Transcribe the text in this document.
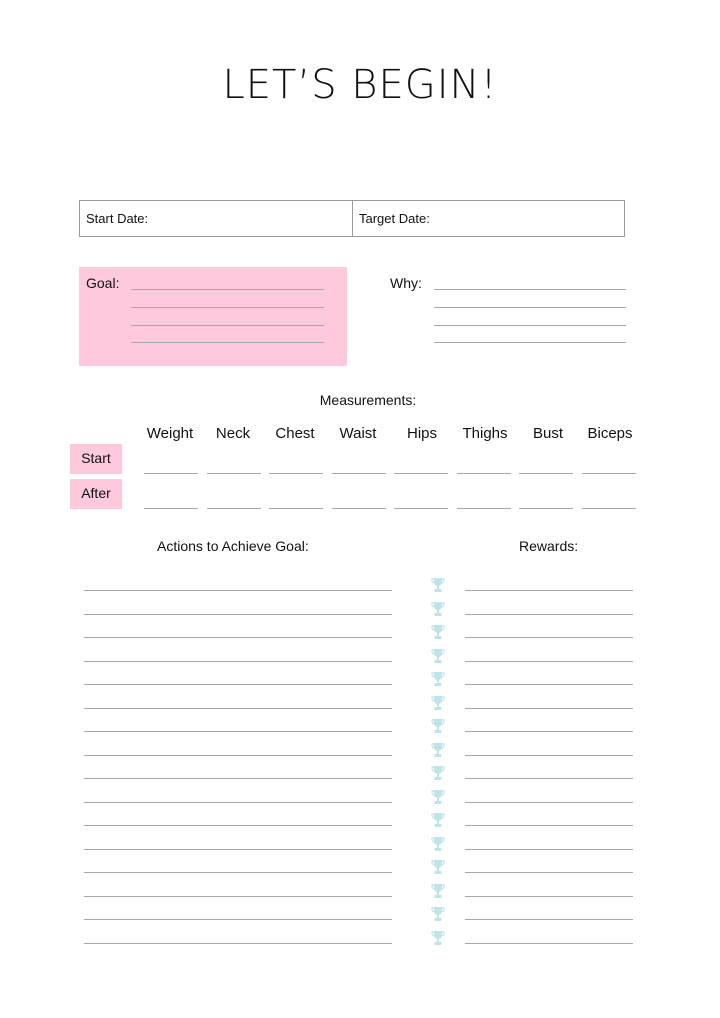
LET’S BEGIN!
Start Date:	Target Date:
Goal:	Why:
Measurements:
Weight	Neck	Chest	Waist	Hips	Thighs	Bust	Biceps
Start
After
Actions to Achieve Goal:	Rewards:
